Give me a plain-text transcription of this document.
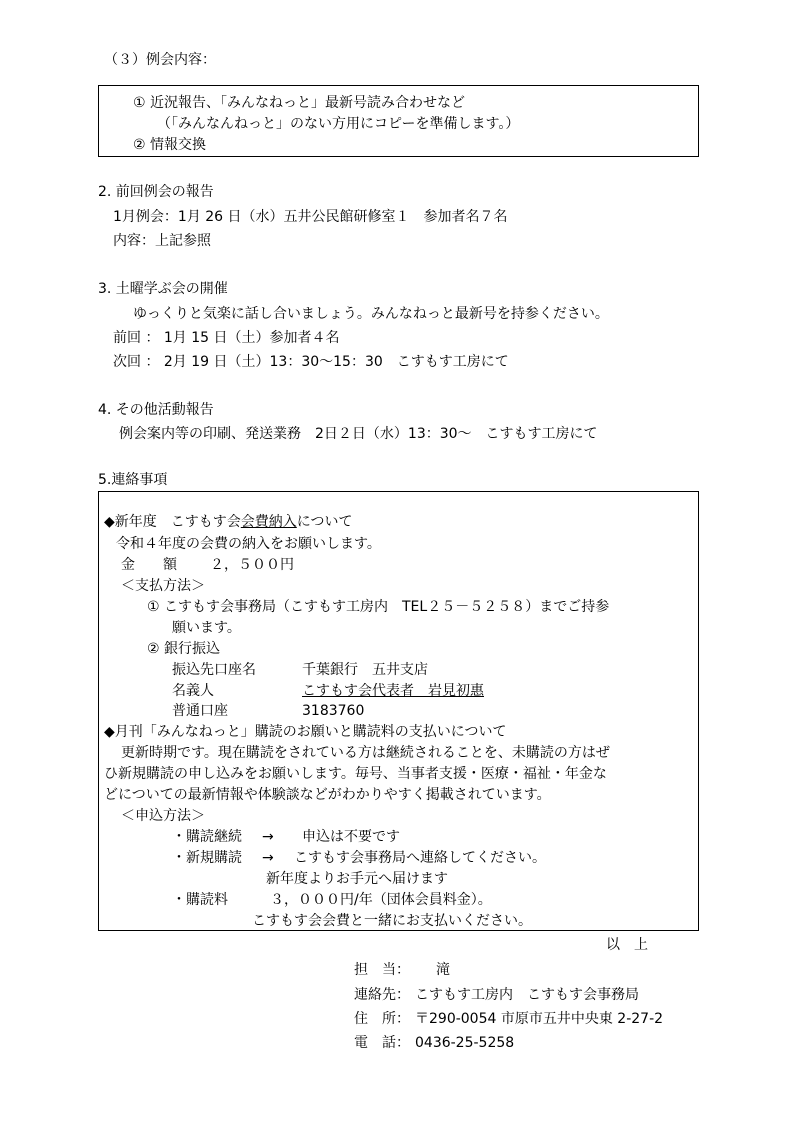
（３）例会内容：
① 近況報告、「みんなねっと」最新号読み合わせなど
（「みんなんねっと」のない方用にコピーを準備します。）
② 情報交換
2. 前回例会の報告
1月例会：1月 26 日（水）五井公民館研修室１　参加者名７名
内容：上記参照
3. 土曜学ぶ会の開催
ゆっくりと気楽に話し合いましょう。みんなねっと最新号を持参ください。
前回 ： 1月 15 日（土）参加者４名
次回 ： 2月 19 日（土）13：30～15：30　こすもす工房にて
4. その他活動報告
例会案内等の印刷、発送業務　2日２日（水）13：30～　こすもす工房にて
5.連絡事項
◆新年度　こすもす会会費納入について
令和４年度の会費の納入をお願いします。
金　　額 ２，５００円
＜支払方法＞
① こすもす会事務局（こすもす工房内　TEL２５－５２５８）までご持参
願います。
② 銀行振込
振込先口座名	千葉銀行　五井支店
名義人	こすもす会代表者　岩見初惠
普通口座	3183760
◆月刊「みんなねっと」購読のお願いと購読料の支払いについて
更新時期です。現在購読をされている方は継続されることを、未購読の方はぜ
ひ新規購読の申し込みをお願いします。毎号、当事者支援・医療・福祉・年金な
どについての最新情報や体験談などがわかりやすく掲載されています。
＜申込方法＞
・購読継続 → 申込は不要です
・新規購読 → こすもす会事務局へ連絡してください。
新年度よりお手元へ届けます
・購読料	３，０００円/年（団体会員料金）。
こすもす会会費と一緒にお支払いください。
以　上
担　当： 滝
連絡先： こすもす工房内　こすもす会事務局
住　所： 〒290-0054 市原市五井中央東 2-27-2
電　話： 0436-25-5258
